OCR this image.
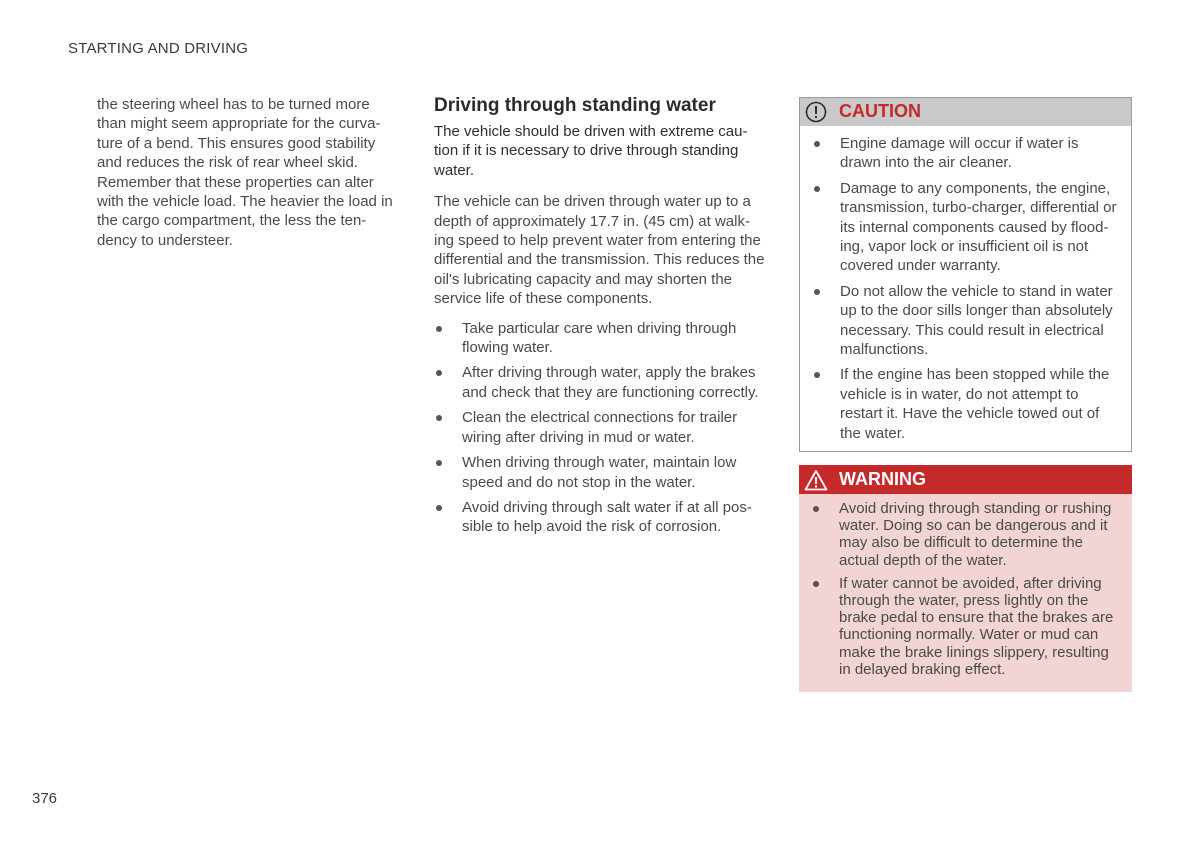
STARTING AND DRIVING

the steering wheel has to be turned more than might seem appropriate for the curva-ture of a bend. This ensures good stability and reduces the risk of rear wheel skid. Remember that these properties can alter with the vehicle load. The heavier the load in the cargo compartment, the less the ten-dency to understeer.

Driving through standing water

The vehicle should be driven with extreme cau-tion if it is necessary to drive through standing water.

The vehicle can be driven through water up to a depth of approximately 17.7 in. (45 cm) at walk-ing speed to help prevent water from entering the differential and the transmission. This reduces the oil's lubricating capacity and may shorten the service life of these components.

Take particular care when driving through flowing water.
After driving through water, apply the brakes and check that they are functioning correctly.
Clean the electrical connections for trailer wiring after driving in mud or water.
When driving through water, maintain low speed and do not stop in the water.
Avoid driving through salt water if at all pos-sible to help avoid the risk of corrosion.
CAUTION
Engine damage will occur if water is drawn into the air cleaner.
Damage to any components, the engine, transmission, turbo-charger, differential or its internal components caused by flood-ing, vapor lock or insufficient oil is not covered under warranty.
Do not allow the vehicle to stand in water up to the door sills longer than absolutely necessary. This could result in electrical malfunctions.
If the engine has been stopped while the vehicle is in water, do not attempt to restart it. Have the vehicle towed out of the water.
WARNING
Avoid driving through standing or rushing water. Doing so can be dangerous and it may also be difficult to determine the actual depth of the water.
If water cannot be avoided, after driving through the water, press lightly on the brake pedal to ensure that the brakes are functioning normally. Water or mud can make the brake linings slippery, resulting in delayed braking effect.
376
